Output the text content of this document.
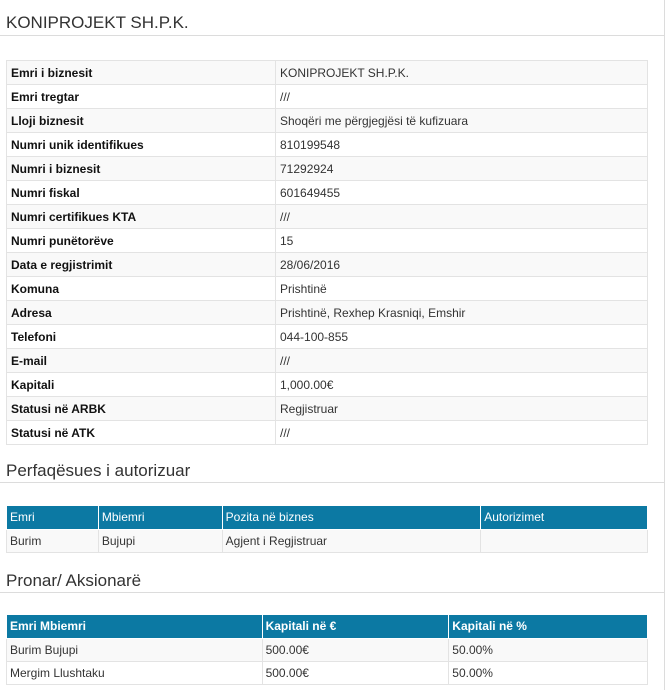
KONIPROJEKT SH.P.K.
Emri i biznesit	KONIPROJEKT SH.P.K.
Emri tregtar	///
Lloji biznesit	Shoqëri me përgjegjësi të kufizuara
Numri unik identifikues	810199548
Numri i biznesit	71292924
Numri fiskal	601649455
Numri certifikues KTA	///
Numri punëtorëve	15
Data e regjistrimit	28/06/2016
Komuna	Prishtinë
Adresa	Prishtinë, Rexhep Krasniqi, Emshir
Telefoni	044-100-855
E-mail	///
Kapitali	1,000.00€
Statusi në ARBK	Regjistruar
Statusi në ATK	///
Perfaqësues i autorizuar
Emri	Mbiemri	Pozita në biznes	Autorizimet
Burim	Bujupi	Agjent i Regjistruar	
Pronar/ Aksionarë
Emri Mbiemri	Kapitali në €	Kapitali në %
Burim Bujupi	500.00€	50.00%
Mergim Llushtaku	500.00€	50.00%
